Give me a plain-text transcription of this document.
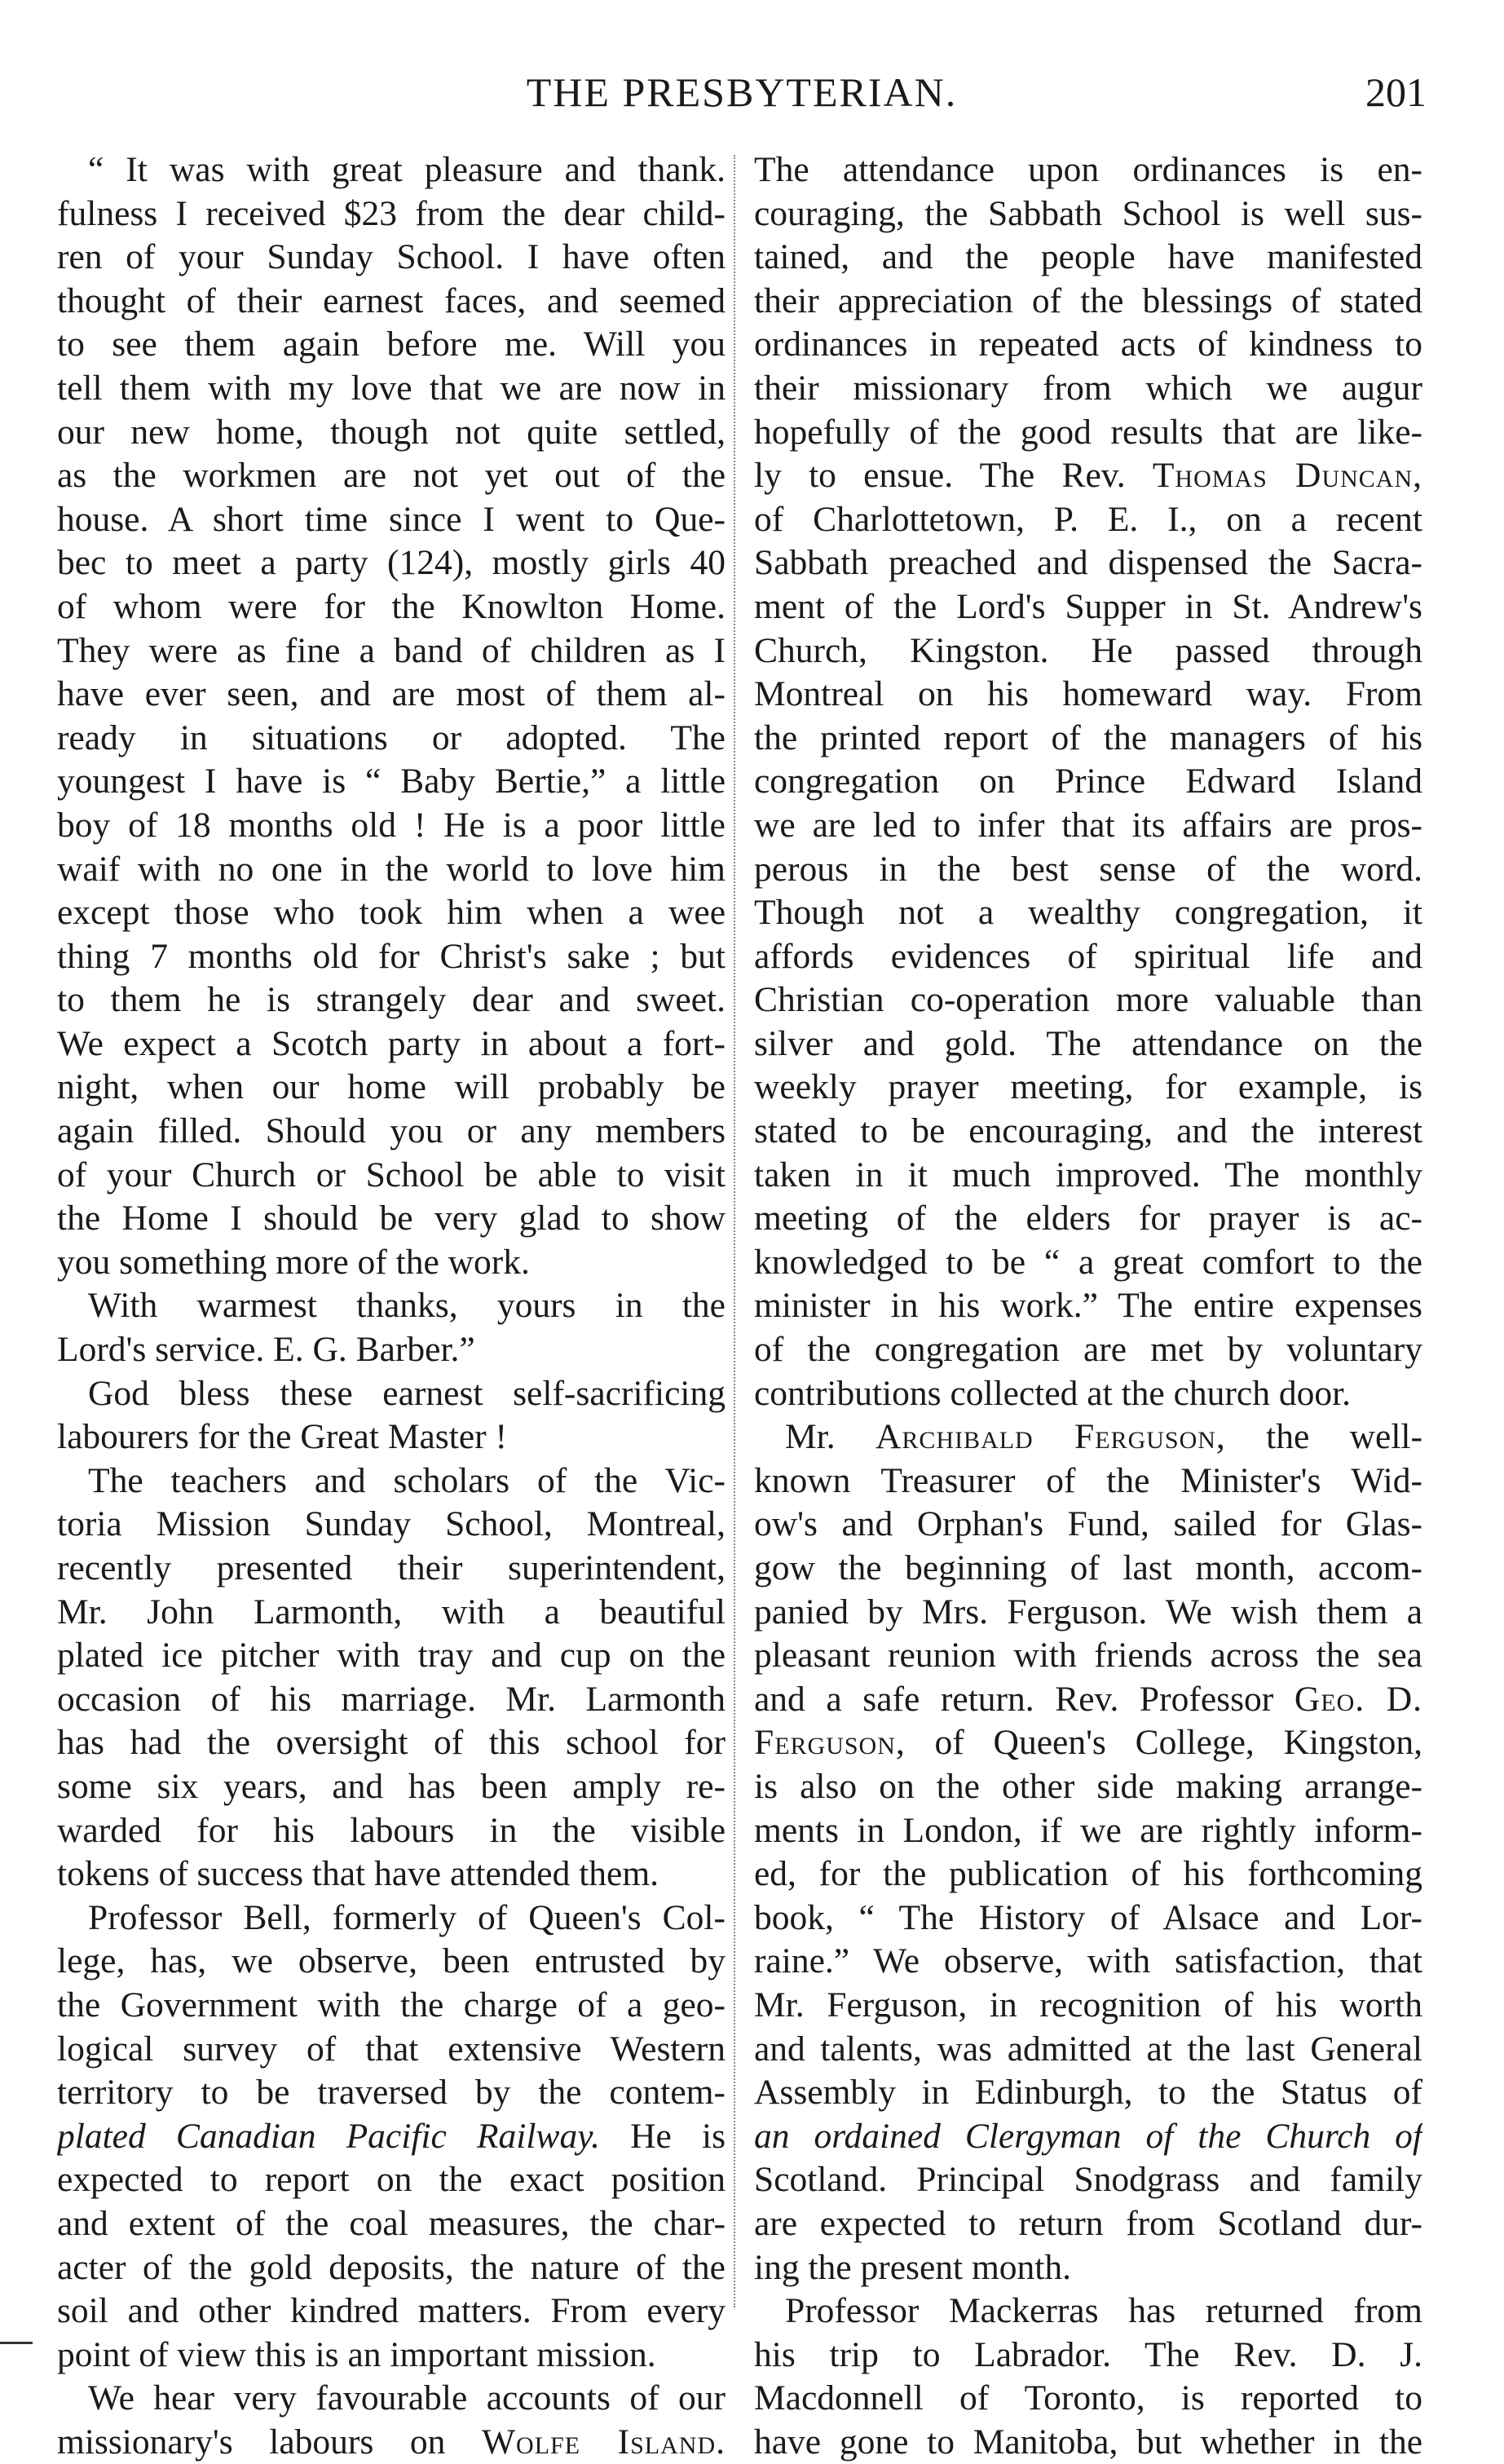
THE PRESBYTERIAN.	201
“ It was with great pleasure and thank.
fulness I received $23 from the dear child-
ren of your Sunday School. I have often
thought of their earnest faces, and seemed
to see them again before me. Will you
tell them with my love that we are now in
our new home, though not quite settled,
as the workmen are not yet out of the
house. A short time since I went to Que-
bec to meet a party (124), mostly girls 40
of whom were for the Knowlton Home.
They were as fine a band of children as I
have ever seen, and are most of them al-
ready in situations or adopted. The
youngest I have is “ Baby Bertie,” a little
boy of 18 months old ! He is a poor little
waif with no one in the world to love him
except those who took him when a wee
thing 7 months old for Christ's sake ; but
to them he is strangely dear and sweet.
We expect a Scotch party in about a fort-
night, when our home will probably be
again filled. Should you or any members
of your Church or School be able to visit
the Home I should be very glad to show
you something more of the work.
With warmest thanks, yours in the
Lord's service. E. G. Barber.”
God bless these earnest self-sacrificing
labourers for the Great Master !
The teachers and scholars of the Vic-
toria Mission Sunday School, Montreal,
recently presented their superintendent,
Mr. John Larmonth, with a beautiful
plated ice pitcher with tray and cup on the
occasion of his marriage. Mr. Larmonth
has had the oversight of this school for
some six years, and has been amply re-
warded for his labours in the visible
tokens of success that have attended them.
Professor Bell, formerly of Queen's Col-
lege, has, we observe, been entrusted by
the Government with the charge of a geo-
logical survey of that extensive Western
territory to be traversed by the contem-
plated Canadian Pacific Railway. He is
expected to report on the exact position
and extent of the coal measures, the char-
acter of the gold deposits, the nature of the
soil and other kindred matters. From every
point of view this is an important mission.
We hear very favourable accounts of our
missionary's labours on Wolfe Island.
The attendance upon ordinances is en-
couraging, the Sabbath School is well sus-
tained, and the people have manifested
their appreciation of the blessings of stated
ordinances in repeated acts of kindness to
their missionary from which we augur
hopefully of the good results that are like-
ly to ensue. The Rev. Thomas Duncan,
of Charlottetown, P. E. I., on a recent
Sabbath preached and dispensed the Sacra-
ment of the Lord's Supper in St. Andrew's
Church, Kingston. He passed through
Montreal on his homeward way. From
the printed report of the managers of his
congregation on Prince Edward Island
we are led to infer that its affairs are pros-
perous in the best sense of the word.
Though not a wealthy congregation, it
affords evidences of spiritual life and
Christian co-operation more valuable than
silver and gold. The attendance on the
weekly prayer meeting, for example, is
stated to be encouraging, and the interest
taken in it much improved. The monthly
meeting of the elders for prayer is ac-
knowledged to be “ a great comfort to the
minister in his work.” The entire expenses
of the congregation are met by voluntary
contributions collected at the church door.
Mr. Archibald Ferguson, the well-
known Treasurer of the Minister's Wid-
ow's and Orphan's Fund, sailed for Glas-
gow the beginning of last month, accom-
panied by Mrs. Ferguson. We wish them a
pleasant reunion with friends across the sea
and a safe return. Rev. Professor Geo. D.
Ferguson, of Queen's College, Kingston,
is also on the other side making arrange-
ments in London, if we are rightly inform-
ed, for the publication of his forthcoming
book, “ The History of Alsace and Lor-
raine.” We observe, with satisfaction, that
Mr. Ferguson, in recognition of his worth
and talents, was admitted at the last General
Assembly in Edinburgh, to the Status of
an ordained Clergyman of the Church of
Scotland. Principal Snodgrass and family
are expected to return from Scotland dur-
ing the present month.
Professor Mackerras has returned from
his trip to Labrador. The Rev. D. J.
Macdonnell of Toronto, is reported to
have gone to Manitoba, but whether in the
